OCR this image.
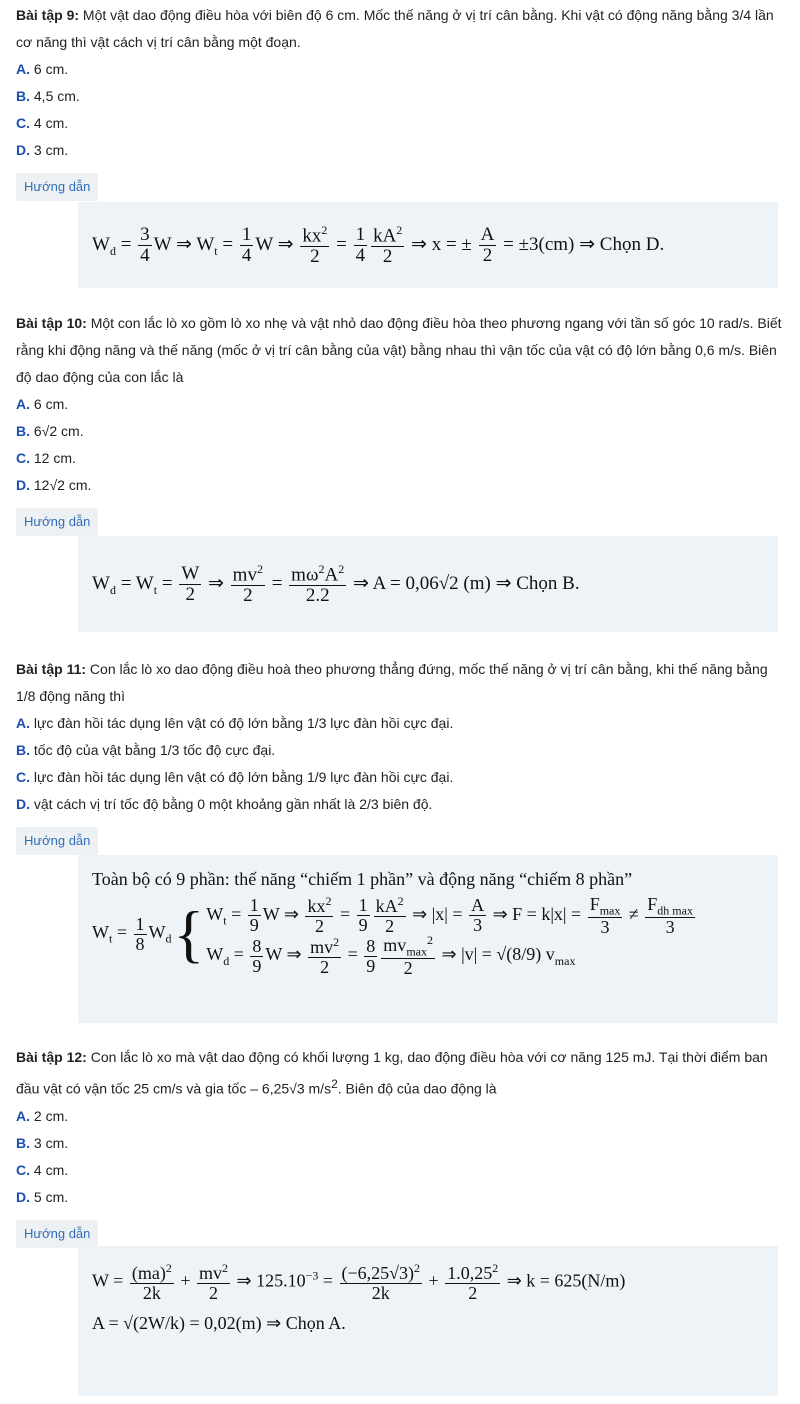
Bài tập 9: Một vật dao động điều hòa với biên độ 6 cm. Mốc thế năng ở vị trí cân bằng. Khi vật có động năng bằng 3/4 lần cơ năng thì vật cách vị trí cân bằng một đoạn.

A. 6 cm.

B. 4,5 cm.

C. 4 cm.

D. 3 cm.

Hướng dẫn
$W_d = \frac{3}{4}$ W ⇒ $W_t = \frac{1}{4}$ W ⇒ $\frac{kx^2}{2} = \frac{1}{4} \frac{kA^2}{2}$ ⇒ x = ± $\frac{A}{2} = \pm 3(cm)$ ⇒ Chọn D.

Bài tập 10: Một con lắc lò xo gồm lò xo nhẹ và vật nhỏ dao động điều hòa theo phương ngang với tần số góc 10 rad/s. Biết rằng khi động năng và thế năng (mốc ở vị trí cân bằng của vật) bằng nhau thì vận tốc của vật có độ lớn bằng 0,6 m/s. Biên độ dao động của con lắc là

A. 6 cm.

B. 6√2 cm.

C. 12 cm.

D. 12√2 cm.

Hướng dẫn
$W_d = W_t = \frac{W}{2}$ ⇒ $\frac{mv^2}{2} = \frac{m\omega^2A^2}{2.2}$ ⇒ A = 0,06√2 (m) ⇒ Chọn B.

Bài tập 11: Con lắc lò xo dao động điều hoà theo phương thẳng đứng, mốc thế năng ở vị trí cân bằng, khi thế năng bằng 1/8 động năng thì

A. lực đàn hồi tác dụng lên vật có độ lớn bằng 1/3 lực đàn hồi cực đại.

B. tốc độ của vật bằng 1/3 tốc độ cực đại.

C. lực đàn hồi tác dụng lên vật có độ lớn bằng 1/9 lực đàn hồi cực đại.

D. vật cách vị trí tốc độ bằng 0 một khoảng gần nhất là 2/3 biên độ.

Hướng dẫn
Toàn bộ có 9 phần: thế năng “chiếm 1 phần” và động năng “chiếm 8 phần”
$W_t = \frac{1}{8} W_d${ $W_t = \frac{1}{9}$ W ⇒ $\frac{kx^2}{2} = \frac{1}{9} \frac{kA^2}{2}$ ⇒ $|x| = \frac{A}{3}$ ⇒ $F = k|x| = \frac{F_{max}}{3} \ne \frac{F_{dh max}}{3}$
$W_d = \frac{8}{9}$ W ⇒ $\frac{mv^2}{2} = \frac{8}{9} \frac{mv_{max}^2}{2}$ ⇒ |v| = √(8/9) $v_{max}$

Bài tập 12: Con lắc lò xo mà vật dao động có khối lượng 1 kg, dao động điều hòa với cơ năng 125 mJ. Tại thời điểm ban đầu vật có vận tốc 25 cm/s và gia tốc – 6,25√3 m/s2. Biên độ của dao động là

A. 2 cm.

B. 3 cm.

C. 4 cm.

D. 5 cm.

Hướng dẫn
$W = \frac{(ma)^2}{2k} + \frac{mv^2}{2}$ ⇒ $125.10^{-3} = \frac{(-6,25√3)^2}{2k} + \frac{1.0,25^2}{2}$ ⇒ k = 625(N/m)
A = √(2W/k) = 0,02(m) ⇒ Chọn A.
